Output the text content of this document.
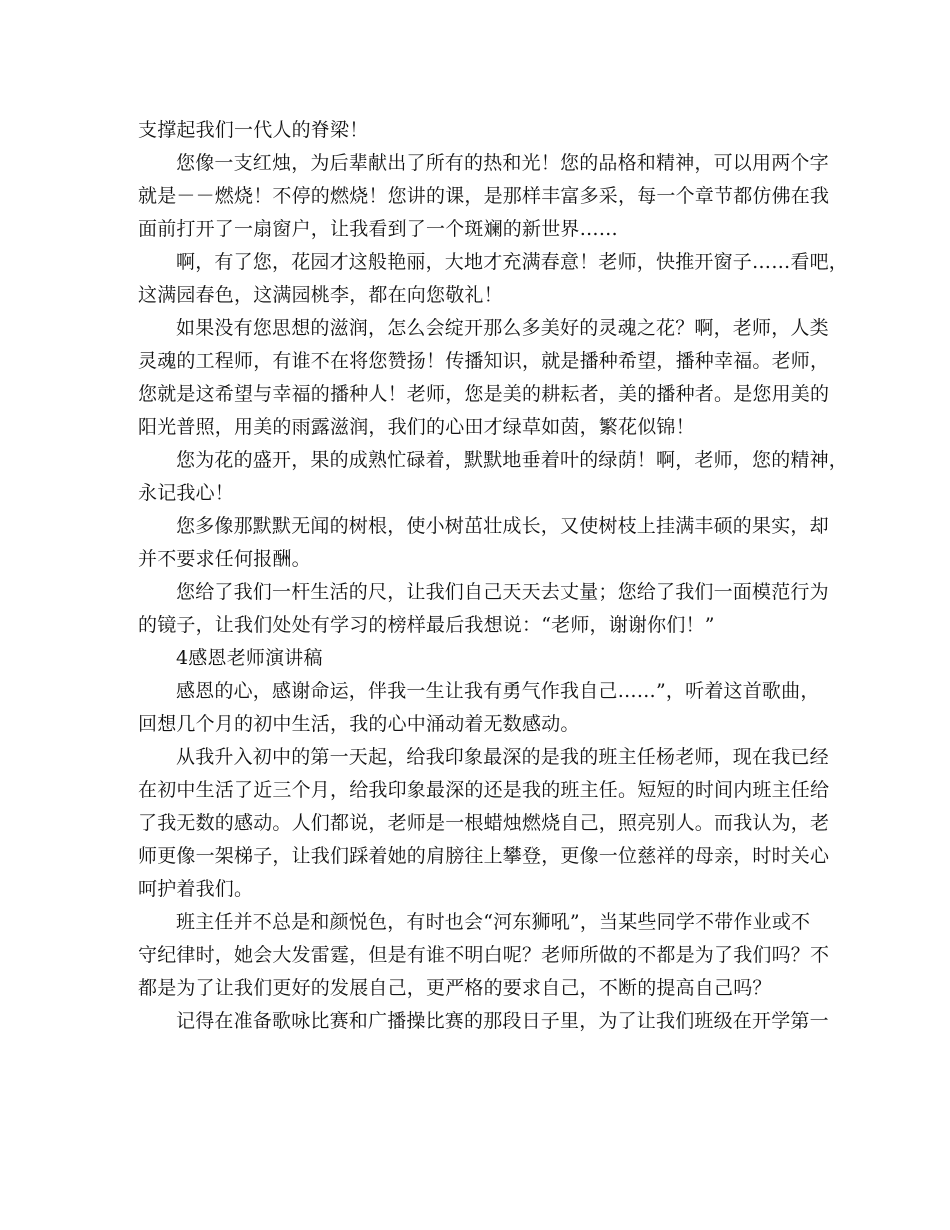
支撑起我们一代人的脊梁！
您像一支红烛，为后辈献出了所有的热和光！您的品格和精神，可以用两个字
就是－－燃烧！不停的燃烧！您讲的课，是那样丰富多采，每一个章节都仿佛在我
面前打开了一扇窗户，让我看到了一个斑斓的新世界……
啊，有了您，花园才这般艳丽，大地才充满春意！老师，快推开窗子……看吧，
这满园春色，这满园桃李，都在向您敬礼！
如果没有您思想的滋润，怎么会绽开那么多美好的灵魂之花？啊，老师，人类
灵魂的工程师，有谁不在将您赞扬！传播知识，就是播种希望，播种幸福。老师，
您就是这希望与幸福的播种人！老师，您是美的耕耘者，美的播种者。是您用美的
阳光普照，用美的雨露滋润，我们的心田才绿草如茵，繁花似锦！
您为花的盛开，果的成熟忙碌着，默默地垂着叶的绿荫！啊，老师，您的精神，
永记我心！
您多像那默默无闻的树根，使小树茁壮成长，又使树枝上挂满丰硕的果实，却
并不要求任何报酬。
您给了我们一杆生活的尺，让我们自己天天去丈量；您给了我们一面模范行为
的镜子，让我们处处有学习的榜样最后我想说：“老师，谢谢你们！”
4感恩老师演讲稿
感恩的心，感谢命运，伴我一生让我有勇气作我自己……”，听着这首歌曲，
回想几个月的初中生活，我的心中涌动着无数感动。
从我升入初中的第一天起，给我印象最深的是我的班主任杨老师，现在我已经
在初中生活了近三个月，给我印象最深的还是我的班主任。短短的时间内班主任给
了我无数的感动。人们都说，老师是一根蜡烛燃烧自己，照亮别人。而我认为，老
师更像一架梯子，让我们踩着她的肩膀往上攀登，更像一位慈祥的母亲，时时关心
呵护着我们。
班主任并不总是和颜悦色，有时也会“河东狮吼”，当某些同学不带作业或不
守纪律时，她会大发雷霆，但是有谁不明白呢？老师所做的不都是为了我们吗？不
都是为了让我们更好的发展自己，更严格的要求自己，不断的提高自己吗？
记得在准备歌咏比赛和广播操比赛的那段日子里，为了让我们班级在开学第一
